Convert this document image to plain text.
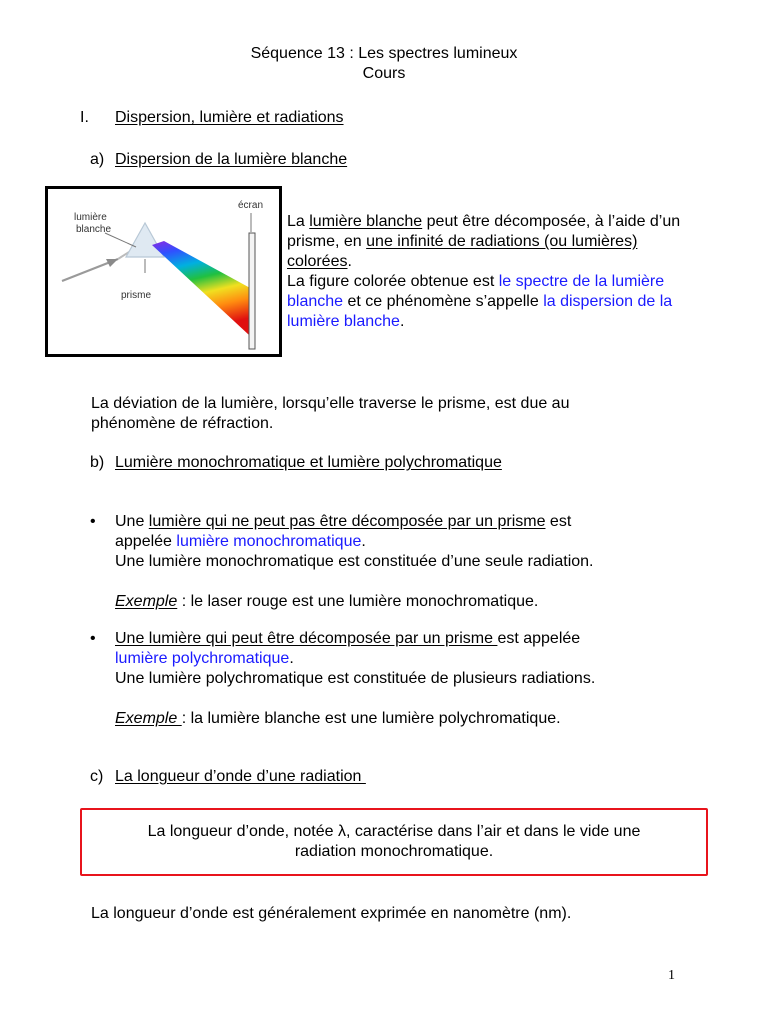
Séquence 13 : Les spectres lumineux
Cours
I. Dispersion, lumière et radiations
a) Dispersion de la lumière blanche
lumière
blanche
prisme
écran
La lumière blanche peut être décomposée, à l’aide d’un
prisme, en une infinité de radiations (ou lumières)
colorées.
La figure colorée obtenue est le spectre de la lumière
blanche et ce phénomène s’appelle la dispersion de la
lumière blanche.
La déviation de la lumière, lorsqu’elle traverse le prisme, est due au
phénomène de réfraction.
b) Lumière monochromatique et lumière polychromatique
• Une lumière qui ne peut pas être décomposée par un prisme est
appelée lumière monochromatique.
Une lumière monochromatique est constituée d’une seule radiation.
Exemple : le laser rouge est une lumière monochromatique.
• Une lumière qui peut être décomposée par un prisme est appelée
lumière polychromatique.
Une lumière polychromatique est constituée de plusieurs radiations.
Exemple : la lumière blanche est une lumière polychromatique.
c) La longueur d’onde d’une radiation
La longueur d’onde, notée λ, caractérise dans l’air et dans le vide une
radiation monochromatique.
La longueur d’onde est généralement exprimée en nanomètre (nm).
1
